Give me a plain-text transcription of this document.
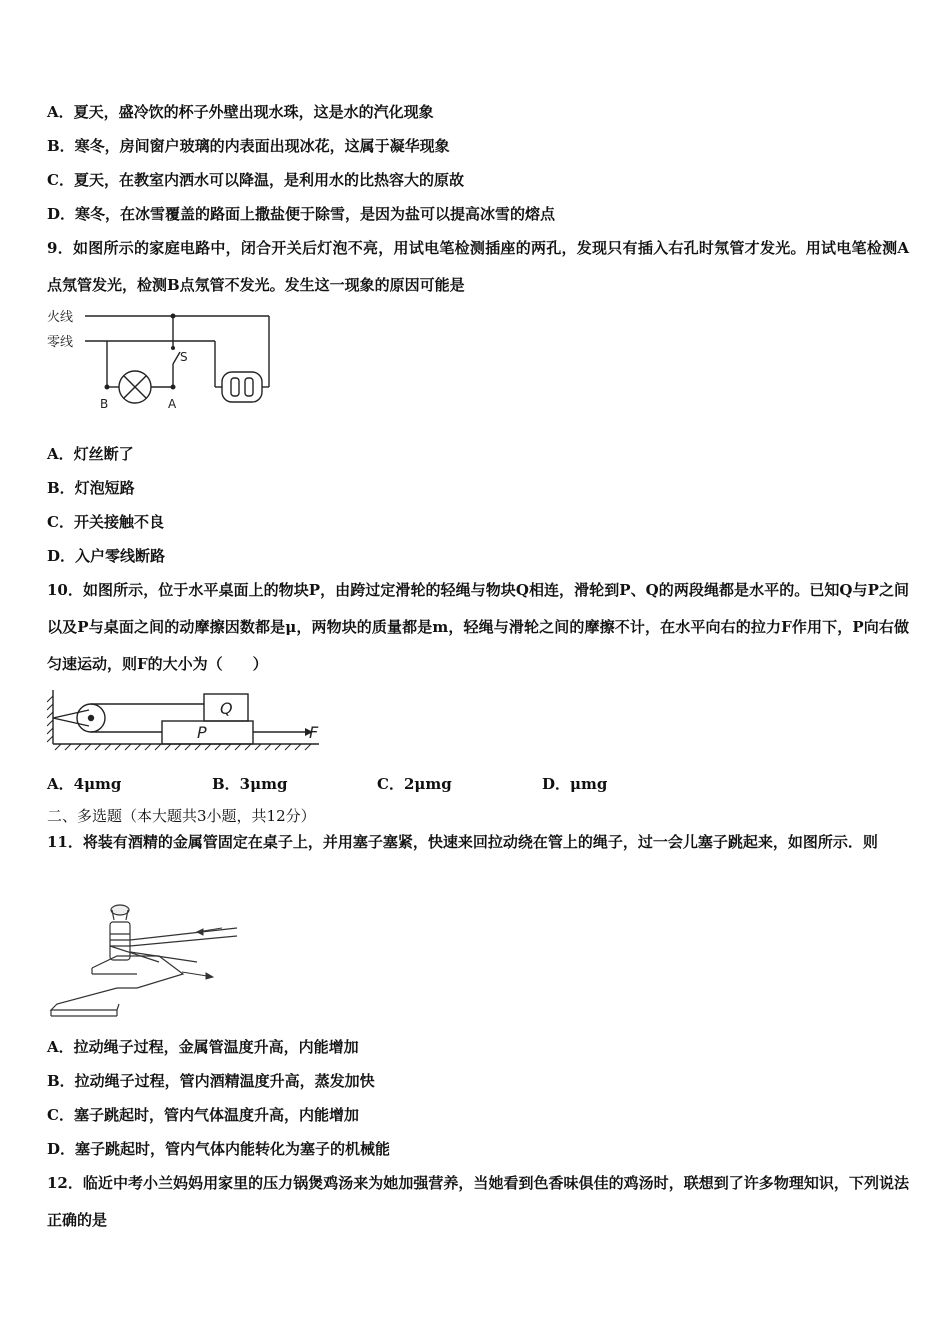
A．夏天，盛冷饮的杯子外壁出现水珠，这是水的汽化现象
B．寒冬，房间窗户玻璃的内表面出现冰花，这属于凝华现象
C．夏天，在教室内洒水可以降温，是利用水的比热容大的原故
D．寒冬，在冰雪覆盖的路面上撒盐便于除雪，是因为盐可以提高冰雪的熔点
9．如图所示的家庭电路中，闭合开关后灯泡不亮，用试电笔检测插座的两孔，发现只有插入右孔时氖管才发光。用试电笔检测A点氖管发光，检测B点氖管不发光。发生这一现象的原因可能是
火线
零线
S
B	A
A．灯丝断了
B．灯泡短路
C．开关接触不良
D．入户零线断路
10．如图所示，位于水平桌面上的物块P，由跨过定滑轮的轻绳与物块Q相连，滑轮到P、Q的两段绳都是水平的。已知Q与P之间以及P与桌面之间的动摩擦因数都是μ，两物块的质量都是m，轻绳与滑轮之间的摩擦不计，在水平向右的拉力F作用下，P向右做匀速运动，则F的大小为（　　）
Q
P	F
A．4μmg	B．3μmg	C．2μmg	D．μmg
二、多选题（本大题共3小题，共12分）
11．将装有酒精的金属管固定在桌子上，并用塞子塞紧，快速来回拉动绕在管上的绳子，过一会儿塞子跳起来，如图所示．则
A．拉动绳子过程，金属管温度升高，内能增加
B．拉动绳子过程，管内酒精温度升高，蒸发加快
C．塞子跳起时，管内气体温度升高，内能增加
D．塞子跳起时，管内气体内能转化为塞子的机械能
12．临近中考小兰妈妈用家里的压力锅煲鸡汤来为她加强营养，当她看到色香味俱佳的鸡汤时，联想到了许多物理知识，下列说法正确的是
